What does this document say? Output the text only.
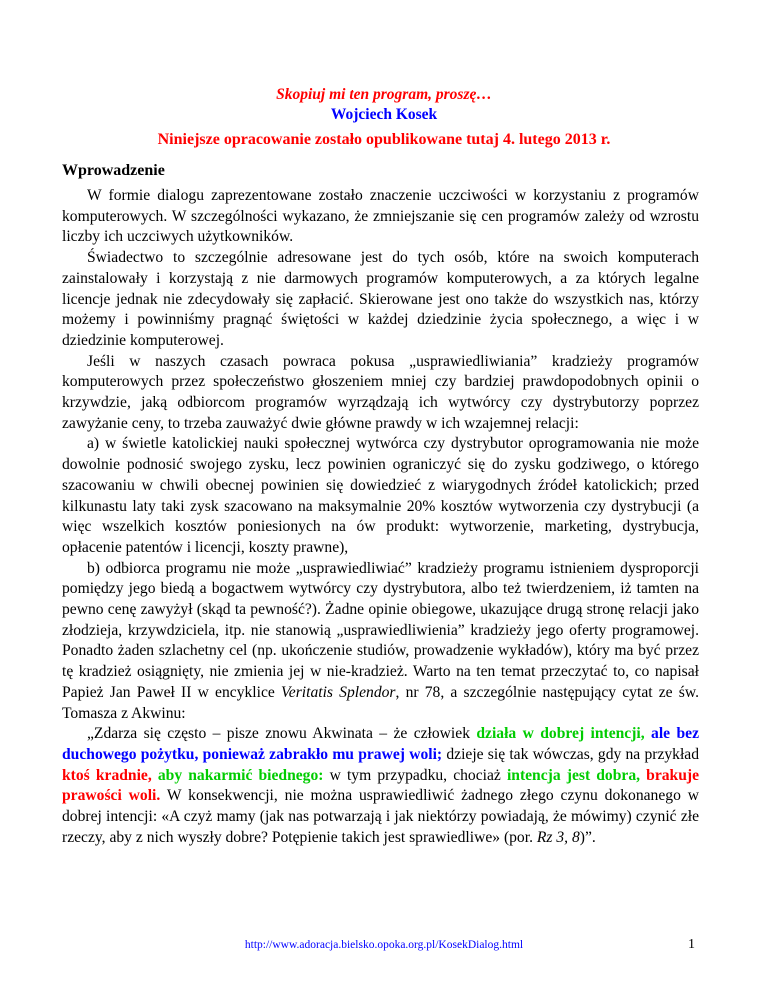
Skopiuj mi ten program, proszę…
Wojciech Kosek
Niniejsze opracowanie zostało opublikowane tutaj 4. lutego 2013 r.
Wprowadzenie

W formie dialogu zaprezentowane zostało znaczenie uczciwości w korzystaniu z programów komputerowych. W szczególności wykazano, że zmniejszanie się cen programów zależy od wzrostu liczby ich uczciwych użytkowników.

Świadectwo to szczególnie adresowane jest do tych osób, które na swoich komputerach zainstalowały i korzystają z nie darmowych programów komputerowych, a za których legalne licencje jednak nie zdecydowały się zapłacić. Skierowane jest ono także do wszystkich nas, którzy możemy i powinniśmy pragnąć świętości w każdej dziedzinie życia społecznego, a więc i w dziedzinie komputerowej.

Jeśli w naszych czasach powraca pokusa „usprawiedliwiania” kradzieży programów komputerowych przez społeczeństwo głoszeniem mniej czy bardziej prawdopodobnych opinii o krzywdzie, jaką odbiorcom programów wyrządzają ich wytwórcy czy dystrybutorzy poprzez zawyżanie ceny, to trzeba zauważyć dwie główne prawdy w ich wzajemnej relacji:

a) w świetle katolickiej nauki społecznej wytwórca czy dystrybutor oprogramowania nie może dowolnie podnosić swojego zysku, lecz powinien ograniczyć się do zysku godziwego, o którego szacowaniu w chwili obecnej powinien się dowiedzieć z wiarygodnych źródeł katolickich; przed kilkunastu laty taki zysk szacowano na maksymalnie 20% kosztów wytworzenia czy dystrybucji (a więc wszelkich kosztów poniesionych na ów produkt: wytworzenie, marketing, dystrybucja, opłacenie patentów i licencji, koszty prawne),

b) odbiorca programu nie może „usprawiedliwiać” kradzieży programu istnieniem dysproporcji pomiędzy jego biedą a bogactwem wytwórcy czy dystrybutora, albo też twierdzeniem, iż tamten na pewno cenę zawyżył (skąd ta pewność?). Żadne opinie obiegowe, ukazujące drugą stronę relacji jako złodzieja, krzywdziciela, itp. nie stanowią „usprawiedliwienia” kradzieży jego oferty programowej. Ponadto żaden szlachetny cel (np. ukończenie studiów, prowadzenie wykładów), który ma być przez tę kradzież osiągnięty, nie zmienia jej w nie-kradzież. Warto na ten temat przeczytać to, co napisał Papież Jan Paweł II w encyklice Veritatis Splendor, nr 78, a szczególnie następujący cytat ze św. Tomasza z Akwinu:

„Zdarza się często – pisze znowu Akwinata – że człowiek działa w dobrej intencji, ale bez duchowego pożytku, ponieważ zabrakło mu prawej woli; dzieje się tak wówczas, gdy na przykład ktoś kradnie, aby nakarmić biednego: w tym przypadku, chociaż intencja jest dobra, brakuje prawości woli. W konsekwencji, nie można usprawiedliwić żadnego złego czynu dokonanego w dobrej intencji: «A czyż mamy (jak nas potwarzają i jak niektórzy powiadają, że mówimy) czynić złe rzeczy, aby z nich wyszły dobre? Potępienie takich jest sprawiedliwe» (por. Rz 3, 8)”.

http://www.adoracja.bielsko.opoka.org.pl/KosekDialog.html	1
